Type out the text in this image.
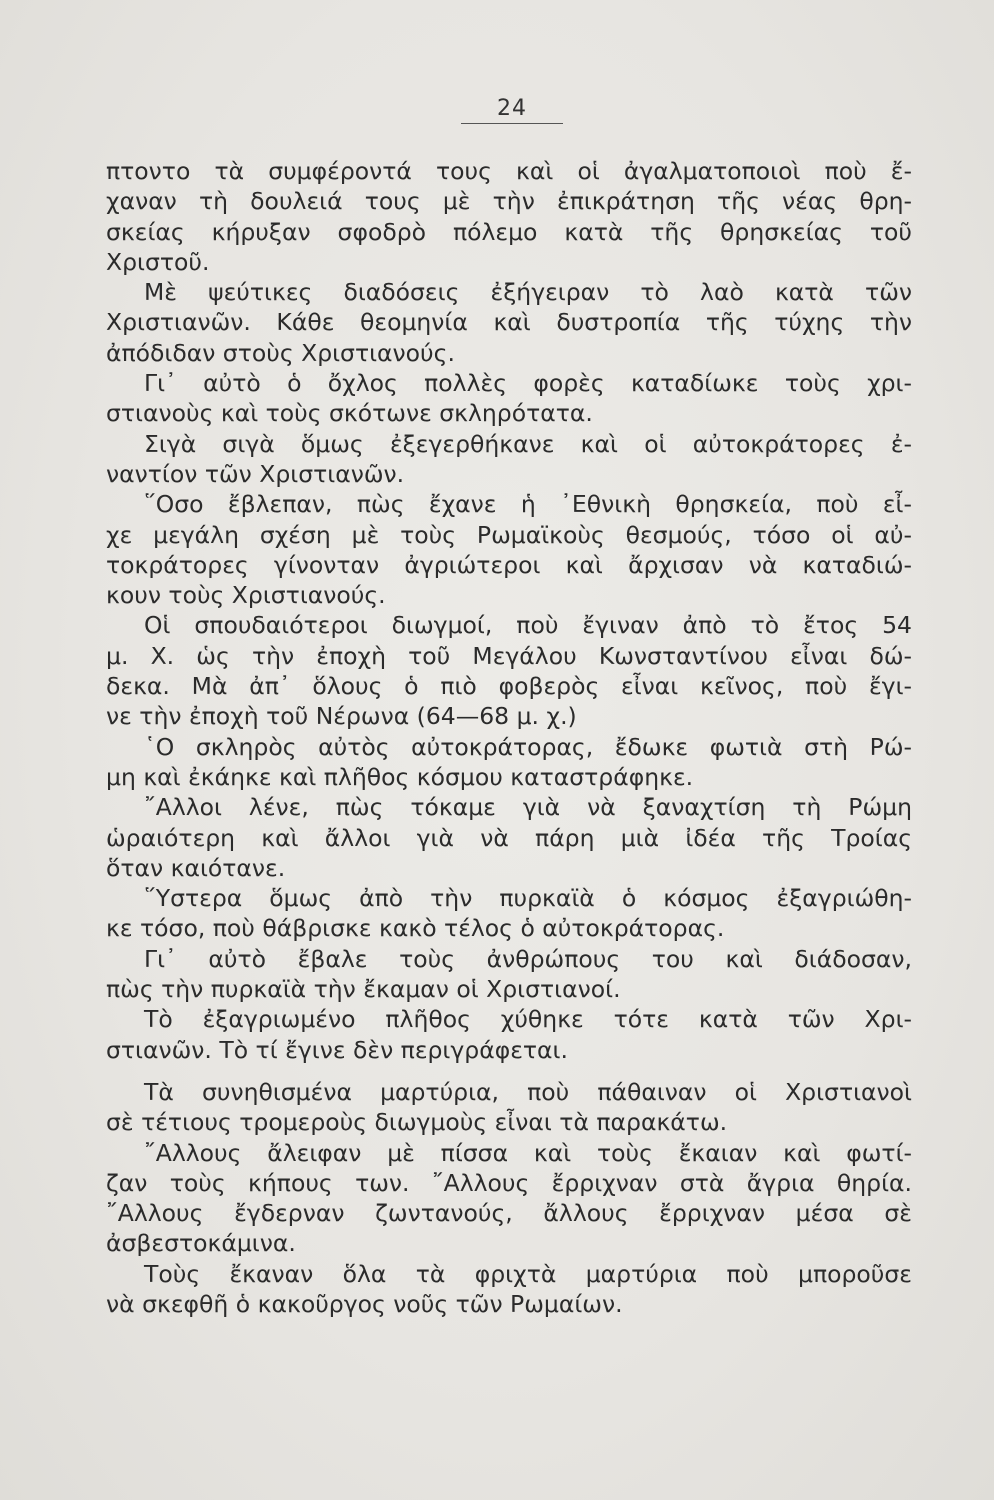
24
πτοντο τὰ συμφέροντά τους καὶ οἱ ἀγαλματοποιοὶ ποὺ ἔ-
χαναν τὴ δουλειά τους μὲ τὴν ἐπικράτηση τῆς νέας θρη-
σκείας κήρυξαν σφοδρὸ πόλεμο κατὰ τῆς θρησκείας τοῦ
Χριστοῦ.
Μὲ ψεύτικες διαδόσεις ἐξήγειραν τὸ λαὸ κατὰ τῶν
Χριστιανῶν. Κάθε θεομηνία καὶ δυστροπία τῆς τύχης τὴν
ἀπόδιδαν στοὺς Χριστιανούς.
Γι᾽ αὐτὸ ὁ ὄχλος πολλὲς φορὲς καταδίωκε τοὺς χρι-
στιανοὺς καὶ τοὺς σκότωνε σκληρότατα.
Σιγὰ σιγὰ ὅμως ἐξεγερθήκανε καὶ οἱ αὐτοκράτορες ἐ-
ναντίον τῶν Χριστιανῶν.
῞Οσο ἔβλεπαν, πὼς ἔχανε ἡ ᾿Εθνικὴ θρησκεία, ποὺ εἶ-
χε μεγάλη σχέση μὲ τοὺς Ρωμαϊκοὺς θεσμούς, τόσο οἱ αὐ-
τοκράτορες γίνονταν ἀγριώτεροι καὶ ἄρχισαν νὰ καταδιώ-
κουν τοὺς Χριστιανούς.
Οἱ σπουδαιότεροι διωγμοί, ποὺ ἔγιναν ἀπὸ τὸ ἔτος 54
μ. Χ. ὡς τὴν ἐποχὴ τοῦ Μεγάλου Κωνσταντίνου εἶναι δώ-
δεκα. Μὰ ἀπ᾽ ὅλους ὁ πιὸ φοβερὸς εἶναι κεῖνος, ποὺ ἔγι-
νε τὴν ἐποχὴ τοῦ Νέρωνα (64—68 μ. χ.)
῾Ο σκληρὸς αὐτὸς αὐτοκράτορας, ἔδωκε φωτιὰ στὴ Ρώ-
μη καὶ ἐκάηκε καὶ πλῆθος κόσμου καταστράφηκε.
῎Αλλοι λένε, πὼς τόκαμε γιὰ νὰ ξαναχτίση τὴ Ρώμη
ὡραιότερη καὶ ἄλλοι γιὰ νὰ πάρη μιὰ ἰδέα τῆς Τροίας
ὅταν καιότανε.
῞Υστερα ὅμως ἀπὸ τὴν πυρκαϊὰ ὁ κόσμος ἐξαγριώθη-
κε τόσο, ποὺ θάβρισκε κακὸ τέλος ὁ αὐτοκράτορας.
Γι᾽ αὐτὸ ἔβαλε τοὺς ἀνθρώπους του καὶ διάδοσαν,
πὼς τὴν πυρκαϊὰ τὴν ἔκαμαν οἱ Χριστιανοί.
Τὸ ἐξαγριωμένο πλῆθος χύθηκε τότε κατὰ τῶν Χρι-
στιανῶν. Τὸ τί ἔγινε δὲν περιγράφεται.
Τὰ συνηθισμένα μαρτύρια, ποὺ πάθαιναν οἱ Χριστιανοὶ
σὲ τέτιους τρομεροὺς διωγμοὺς εἶναι τὰ παρακάτω.
῎Αλλους ἄλειφαν μὲ πίσσα καὶ τοὺς ἔκαιαν καὶ φωτί-
ζαν τοὺς κήπους των. ῎Αλλους ἔρριχναν στὰ ἄγρια θηρία.
῎Αλλους ἔγδερναν ζωντανούς, ἄλλους ἔρριχναν μέσα σὲ
ἀσβεστοκάμινα.
Τοὺς ἔκαναν ὅλα τὰ φριχτὰ μαρτύρια ποὺ μποροῦσε
νὰ σκεφθῆ ὁ κακοῦργος νοῦς τῶν Ρωμαίων.
